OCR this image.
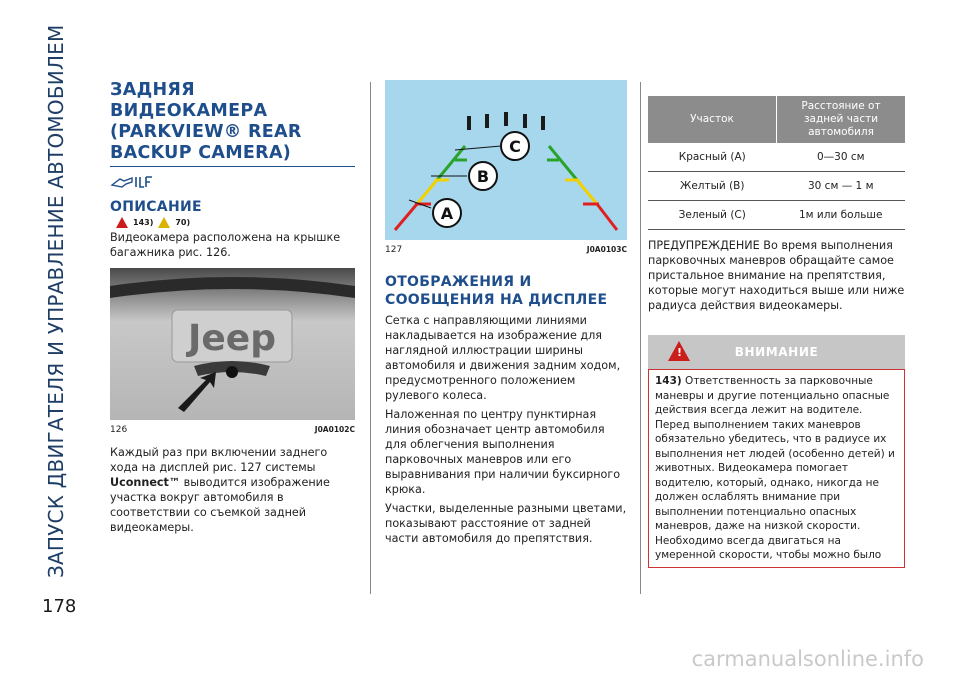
ЗАПУСК ДВИГАТЕЛЯ И УПРАВЛЕНИЕ АВТОМОБИЛЕМ
178
carmanualsonline.info
ЗАДНЯЯ ВИДЕОКАМЕРА
(PARKVIEW® REAR
BACKUP CAMERA)
ОПИСАНИЕ
143)	70)
Видеокамера расположена на крышке багажника рис. 126.
Jeep
126	J0A0102C
Каждый раз при включении заднего хода на дисплей рис. 127 системы Uconnect™ выводится изображение участка вокруг автомобиля в соответствии со съемкой задней видеокамеры.
A
B
C
127	J0A0103C
ОТОБРАЖЕНИЯ И
СООБЩЕНИЯ НА ДИСПЛЕЕ
Сетка с направляющими линиями накладывается на изображение для наглядной иллюстрации ширины автомобиля и движения задним ходом, предусмотренного положением рулевого колеса.
Наложенная по центру пунктирная линия обозначает центр автомобиля для облегчения выполнения парковочных маневров или его выравнивания при наличии буксирного крюка.
Участки, выделенные разными цветами, показывают расстояние от задней части автомобиля до препятствия.
Участок	Расстояние от задней части автомобиля
Красный (А)	0—30 см
Желтый (B)	30 см — 1 м
Зеленый (С)	1м или больше
ПРЕДУПРЕЖДЕНИЕ Во время выполнения парковочных маневров обращайте самое пристальное внимание на препятствия, которые могут находиться выше или ниже радиуса действия видеокамеры.
!	ВНИМАНИЕ
143) Ответственность за парковочные маневры и другие потенциально опасные действия всегда лежит на водителе. Перед выполнением таких маневров обязательно убедитесь, что в радиусе их выполнения нет людей (особенно детей) и животных. Видеокамера помогает водителю, который, однако, никогда не должен ослаблять внимание при выполнении потенциально опасных маневров, даже на низкой скорости. Необходимо всегда двигаться на умеренной скорости, чтобы можно было
